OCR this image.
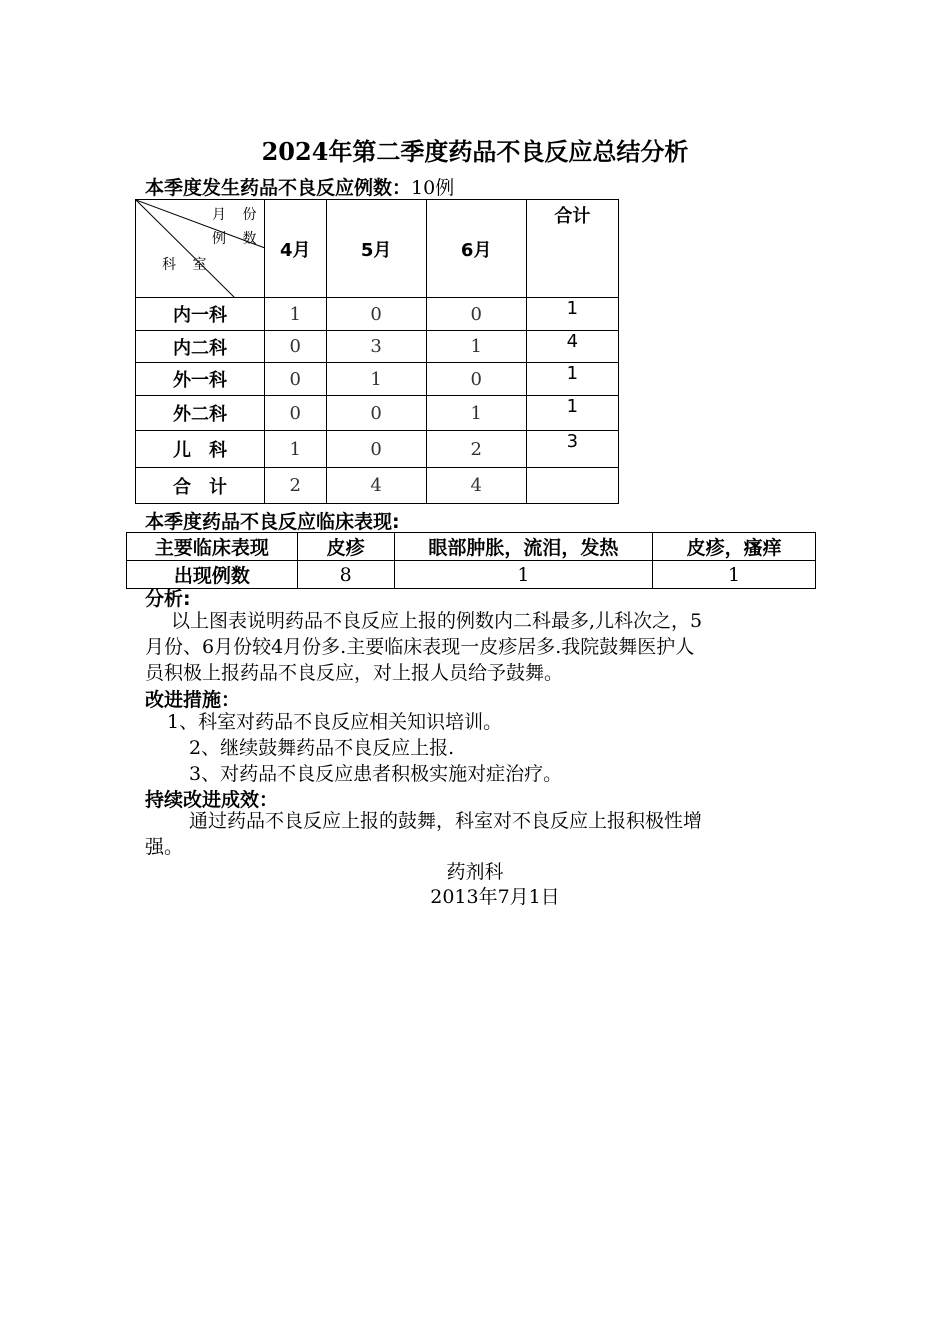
2024年第二季度药品不良反应总结分析
本季度发生药品不良反应例数：10例
月 份
例 数
科 室	4月	5月	6月	合计
内一科	1	0	0	1
内二科	0	3	1	4
外一科	0	1	0	1
外二科	0	0	1	1
儿　科	1	0	2	3
合　计	2	4	4	
本季度药品不良反应临床表现:
主要临床表现	皮疹	眼部肿胀，流泪，发热	皮疹，瘙痒
出现例数	8	1	1
分析:
以上图表说明药品不良反应上报的例数内二科最多,儿科次之，5
月份、6月份较4月份多.主要临床表现一皮疹居多.我院鼓舞医护人
员积极上报药品不良反应，对上报人员给予鼓舞。
改进措施：
1、科室对药品不良反应相关知识培训。
2、继续鼓舞药品不良反应上报.
3、对药品不良反应患者积极实施对症治疗。
持续改进成效：
通过药品不良反应上报的鼓舞，科室对不良反应上报积极性增
强。
药剂科
2013年7月1日
